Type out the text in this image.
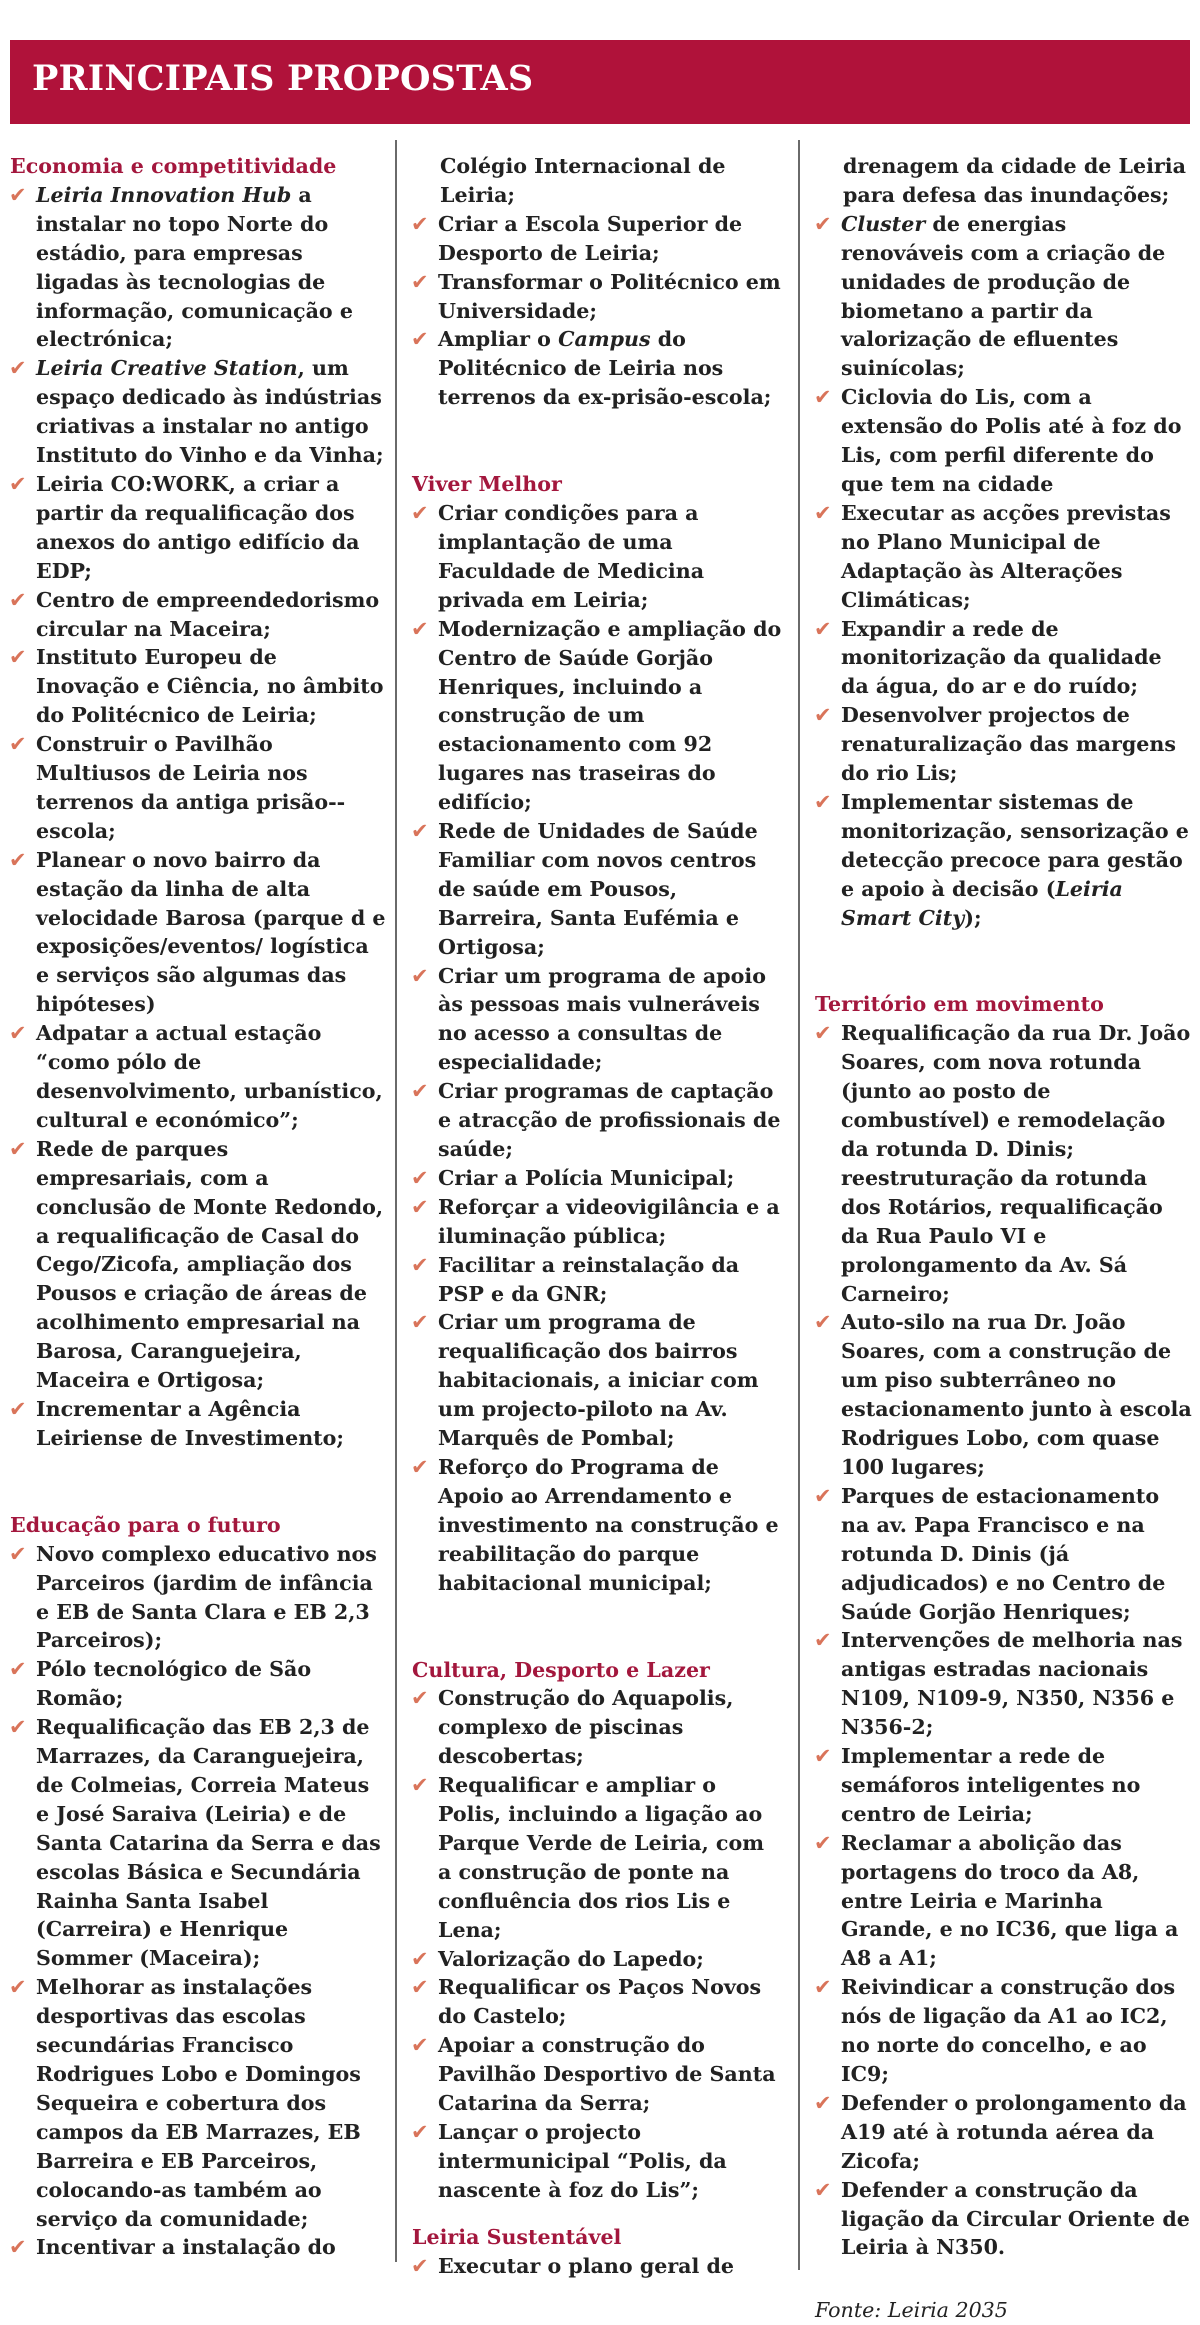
PRINCIPAIS PROPOSTAS
Economia e competitividade
✔ Leiria Innovation Hub a instalar no topo Norte do estádio, para empresas ligadas às tecnologias de informação, comunicação e electrónica;
✔ Leiria Creative Station, um espaço dedicado às indústrias criativas a instalar no antigo Instituto do Vinho e da Vinha;
✔ Leiria CO:WORK, a criar a partir da requalificação dos anexos do antigo edifício da EDP;
✔ Centro de empreendedorismo circular na Maceira;
✔ Instituto Europeu de Inovação e Ciência, no âmbito do Politécnico de Leiria;
✔ Construir o Pavilhão Multiusos de Leiria nos terrenos da antiga prisão--escola;
✔ Planear o novo bairro da estação da linha de alta velocidade Barosa (parque d e exposições/eventos/ logística e serviços são algumas das hipóteses)
✔ Adpatar a actual estação “como pólo de desenvolvimento, urbanístico, cultural e económico”;
✔ Rede de parques empresariais, com a conclusão de Monte Redondo, a requalificação de Casal do Cego/Zicofa, ampliação dos Pousos e criação de áreas de acolhimento empresarial na Barosa, Caranguejeira, Maceira e Ortigosa;
✔ Incrementar a Agência Leiriense de Investimento;
Educação para o futuro
✔ Novo complexo educativo nos Parceiros (jardim de infância e EB de Santa Clara e EB 2,3 Parceiros);
✔ Pólo tecnológico de São Romão;
✔ Requalificação das EB 2,3 de Marrazes, da Caranguejeira, de Colmeias, Correia Mateus e José Saraiva (Leiria) e de Santa Catarina da Serra e das escolas Básica e Secundária Rainha Santa Isabel (Carreira) e Henrique Sommer (Maceira);
✔ Melhorar as instalações desportivas das escolas secundárias Francisco Rodrigues Lobo e Domingos Sequeira e cobertura dos campos da EB Marrazes, EB Barreira e EB Parceiros, colocando-as também ao serviço da comunidade;
✔ Incentivar a instalação do
Colégio Internacional de Leiria;
✔ Criar a Escola Superior de Desporto de Leiria;
✔ Transformar o Politécnico em Universidade;
✔ Ampliar o Campus do Politécnico de Leiria nos terrenos da ex-prisão-escola;
Viver Melhor
✔ Criar condições para a implantação de uma Faculdade de Medicina privada em Leiria;
✔ Modernização e ampliação do Centro de Saúde Gorjão Henriques, incluindo a construção de um estacionamento com 92 lugares nas traseiras do edifício;
✔ Rede de Unidades de Saúde Familiar com novos centros de saúde em Pousos, Barreira, Santa Eufémia e Ortigosa;
✔ Criar um programa de apoio às pessoas mais vulneráveis no acesso a consultas de especialidade;
✔ Criar programas de captação e atracção de profissionais de saúde;
✔ Criar a Polícia Municipal;
✔ Reforçar a videovigilância e a iluminação pública;
✔ Facilitar a reinstalação da PSP e da GNR;
✔ Criar um programa de requalificação dos bairros habitacionais, a iniciar com um projecto-piloto na Av. Marquês de Pombal;
✔ Reforço do Programa de Apoio ao Arrendamento e investimento na construção e reabilitação do parque habitacional municipal;
Cultura, Desporto e Lazer
✔ Construção do Aquapolis, complexo de piscinas descobertas;
✔ Requalificar e ampliar o Polis, incluindo a ligação ao Parque Verde de Leiria, com a construção de ponte na confluência dos rios Lis e Lena;
✔ Valorização do Lapedo;
✔ Requalificar os Paços Novos do Castelo;
✔ Apoiar a construção do Pavilhão Desportivo de Santa Catarina da Serra;
✔ Lançar o projecto intermunicipal “Polis, da nascente à foz do Lis”;
Leiria Sustentável
✔ Executar o plano geral de
drenagem da cidade de Leiria para defesa das inundações;
✔ Cluster de energias renováveis com a criação de unidades de produção de biometano a partir da valorização de efluentes suinícolas;
✔ Ciclovia do Lis, com a extensão do Polis até à foz do Lis, com perfil diferente do que tem na cidade
✔ Executar as acções previstas no Plano Municipal de Adaptação às Alterações Climáticas;
✔ Expandir a rede de monitorização da qualidade da água, do ar e do ruído;
✔ Desenvolver projectos de renaturalização das margens do rio Lis;
✔ Implementar sistemas de monitorização, sensorização e detecção precoce para gestão e apoio à decisão (Leiria Smart City);
Território em movimento
✔ Requalificação da rua Dr. João Soares, com nova rotunda (junto ao posto de combustível) e remodelação da rotunda D. Dinis; reestruturação da rotunda dos Rotários, requalificação da Rua Paulo VI e prolongamento da Av. Sá Carneiro;
✔ Auto-silo na rua Dr. João Soares, com a construção de um piso subterrâneo no estacionamento junto à escola Rodrigues Lobo, com quase 100 lugares;
✔ Parques de estacionamento na av. Papa Francisco e na rotunda D. Dinis (já adjudicados) e no Centro de Saúde Gorjão Henriques;
✔ Intervenções de melhoria nas antigas estradas nacionais N109, N109-9, N350, N356 e N356-2;
✔ Implementar a rede de semáforos inteligentes no centro de Leiria;
✔ Reclamar a abolição das portagens do troco da A8, entre Leiria e Marinha Grande, e no IC36, que liga a A8 a A1;
✔ Reivindicar a construção dos nós de ligação da A1 ao IC2, no norte do concelho, e ao IC9;
✔ Defender o prolongamento da A19 até à rotunda aérea da Zicofa;
✔ Defender a construção da ligação da Circular Oriente de Leiria à N350.
Fonte: Leiria 2035
